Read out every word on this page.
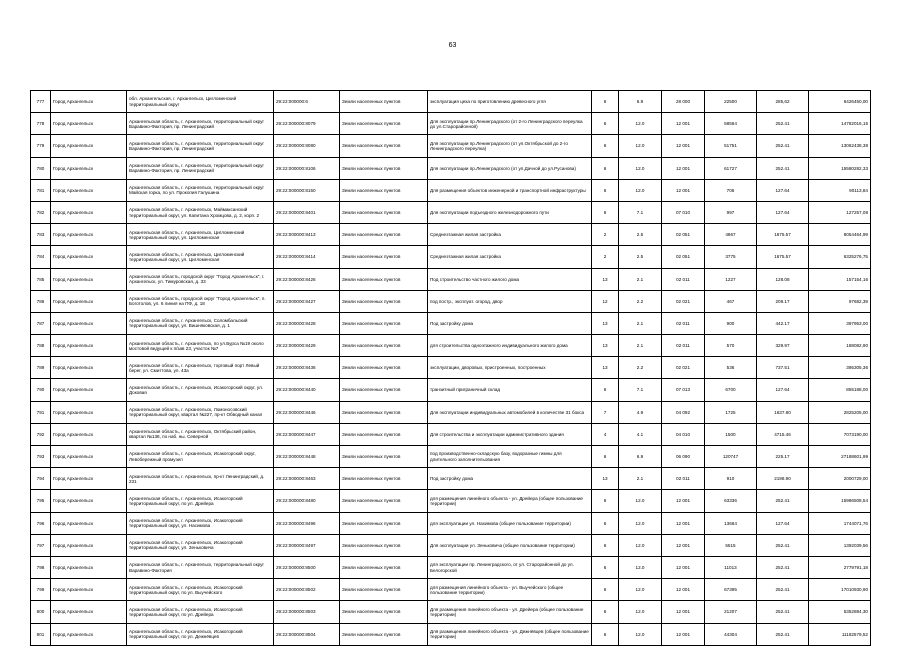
63
777	Город Архангельск	обл. Архангельская, г. Архангельск, Цигломенский территориальный округ	29:22:000000:6	Земли населенных пунктов	эксплуатация цеха по приготовлению древесного угля	6	6.9	28 000	22500	285,62	6426450,00
778	Город Архангельск	Архангельская область, г. Архангельск, территориальный округ Варавино-Фактория, пр. Ленинградский	29:22:000000:8079	Земли населенных пунктов	Для эксплуатации пр.Ленинградского (от 2-го Ленинградского переулка до ул.Старорайонной)	6	12.0	12 001	58564	252.41	14782016,15
779	Город Архангельск	Архангельская область, г. Архангельск, территориальный округ Варавино-Фактория, пр. Ленинградский	29:22:000000:8080	Земли населенных пунктов	Для эксплуатации пр.Ленинградского (от ул.Октябрьской до 2-го Ленинградского переулка)	6	12.0	12 001	51751	252.41	13062438,38
780	Город Архангельск	Архангельская область, г. Архангельск, территориальный округ Варавино-Фактория, пр. Ленинградский	29:22:000000:8106	Земли населенных пунктов	Для эксплуатации пр.Ленинградского (от ул.Дачной до ул.Русанова)	6	12.0	12 001	61727	252.41	15580282,33
781	Город Архангельск	Архангельская область, г. Архангельск, территориальный округ Майская горка, по ул. Прокопия Галушина	29:22:000000:8150	Земли населенных пунктов	Для размещения объектов инженерной и транспортной инфраструктуры	6	12.0	12 001	706	127.64	90113,84
782	Город Архангельск	Архангельская область, г. Архангельск, Маймаксанский территориальный округ, ул. Капитана Хромцова, д. 2, корп. 2	29:22:000000:8401	Земли населенных пунктов	Для эксплуатации подъездного железнодорожного пути	6	7.1	07 010	997	127.64	127257,08
783	Город Архангельск	Архангельская область, г. Архангельск, Цигломенский территориальный округ, ул. Цигломенская	29:22:000000:8413	Земли населенных пунктов	Среднеэтажная жилая застройка	2	2.5	02 051	4867	1675.57	8054464,99
784	Город Архангельск	Архангельская область, г. Архангельск, Цигломенский территориальный округ, ул. Цигломенская	29:22:000000:8414	Земли населенных пунктов	Среднеэтажная жилая застройка	2	2.5	02 051	3775	1675.57	6325276,75
785	Город Архангельск	Архангельская область, городской округ "Город Архангельск", г. Архангельск, ул. Тимуровская, д. 33	29:22:000000:8426	Земли населенных пунктов	Под строительство частного жилого дома	13	2.1	02 011	1227	128.08	157154,16
786	Город Архангельск	Архангельская область, городской округ "Город Архангельск", п. Боготолов, ул. 6 линия на ПФ, д. 18	29:22:000000:8427	Земли населенных пунктов	под постр., эксплуат. огород, двор	12	2.2	02 021	467	209.17	97682,39
787	Город Архангельск	Архангельская область, г. Архангельск, Соломбальский территориальный округ, ул. Вишняковская, д. 1	29:22:000000:8428	Земли населенных пунктов	Под застройку дома	13	2.1	02 011	900	442.17	397953,00
788	Город Архангельск	Архангельская область, г. Архангельск, по ул.Бурса №19 около мостовой ведущей к п/зав 23, участок №7	29:22:000000:8429	Земли населенных пунктов	для строительства одноэтажного индивидуального жилого дома	13	2.1	02 011	570	329.97	188082,90
789	Город Архангельск	Архангельская область, г. Архангельск, торговый порт Левый берег, ул. Смиттова, ул. 43а	29:22:000000:8436	Земли населенных пунктов	эксплуатации, дворовых, пристроенных, построенных	13	2.2	02 021	536	737.51	395305,36
790	Город Архангельск	Архангельская область, г. Архангельск, Исакогорский округ, ул. Доковая	29:22:000000:8440	Земли населенных пунктов	транзитный приграничный склад	6	7.1	07 013	6700	127.64	855188,00
791	Город Архангельск	Архангельская область, г. Архангельск, Ломоносовский территориальный округ, квартал №227, пр-кт Обводный канал	29:22:000000:8446	Земли населенных пунктов	Для эксплуатации индивидуальных автомобилей в количестве 31 бокса	7	4.9	04 092	1725	1637.80	2825205,00
792	Город Архангельск	Архангельская область, г. Архангельск, Октябрьский район, квартал №138, по наб. ны. Северной	29:22:000000:8447	Земли населенных пунктов	Для строительства и эксплуатации административного здания	4	4.1	04 010	1500	4715.46	7073190,00
793	Город Архангельск	Архангельская область, г. Архангельск, Исакогорский округ, Левобережный промузел	29:22:000000:8448	Земли населенных пунктов	под производственно-складскую базу, водоразные гимны для длительного заполнительования	6	6.9	06 090	120747	225.17	27188601,99
794	Город Архангельск	Архангельская область, г. Архангельск, пр-кт Ленинградский, д. 231	29:22:000000:8463	Земли населенных пунктов	Под застройку дома	13	2.1	02 011	910	2198.90	2000729,00
795	Город Архангельск	Архангельская область, г. Архангельск, Исакогорский территориальный округ, по ул. Дрейера	29:22:000000:8480	Земли населенных пунктов	для размещения линейного объекта - ул. Дрейера (общее пользование территории)	6	12.0	12 001	63336	252.41	15986508,54
796	Город Архангельск	Архангельская область, г. Архангельск, Исакогорский территориальный округ, ул. Насимова	29:22:000000:8496	Земли населенных пунктов	для эксплуатации ул. Нахимова (общее пользование территории)	6	12.0	12 001	13664	127.64	1744071,76
797	Город Архангельск	Архангельская область, г. Архангельск, Исакогорский территориальный округ, ул. Зеньковича	29:22:000000:8497	Земли населенных пунктов	Для эксплуатации ул. Зеньковича (общее пользование территории)	6	12.0	12 001	5515	252.41	1392039,56
798	Город Архангельск	Архангельская область, г. Архангельск, территориальный округ Варавино-Фактория	29:22:000000:8500	Земли населенных пунктов	для эксплуатации пр. Ленинградского, от ул. Старорайонной до ул. Белогорской	6	12.0	12 001	11013	252.41	2779791,18
799	Город Архангельск	Архангельская область, г. Архангельск, Исакогорский территориальный округ, по ул. Выучейского	29:22:000000:8502	Земли населенных пунктов	для размещения линейного объекта - ул. Выучейского (общее пользование территории)	6	12.0	12 001	67395	252.41	17010930,90
800	Город Архангельск	Архангельская область, г. Архангельск, Исакогорский территориальный округ, по ул. Дрейера	29:22:000000:8503	Земли населенных пунктов	Для размещения линейного объекта - ул. Дрейера (общее пользование территории)	6	12.0	12 001	21207	252.41	5352884,30
801	Город Архангельск	Архангельская область, г. Архангельск, Исакогорский территориальный округ, по ул. Дежнёвцев	29:22:000000:8504	Земли населенных пунктов	Для размещения линейного объекта - ул. Дежнёвцев (общее пользование территории)	6	12.0	12 001	44304	252.41	11182579,52
